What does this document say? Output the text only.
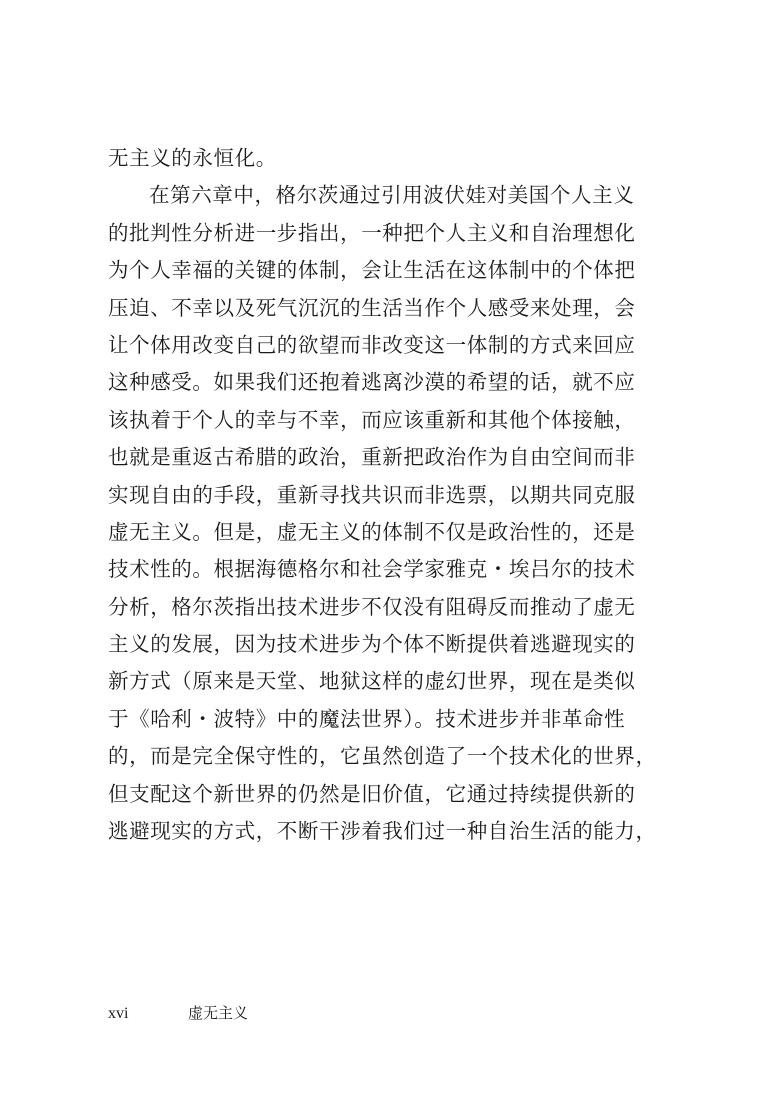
无主义的永恒化。
在第六章中，格尔茨通过引用波伏娃对美国个人主义
的批判性分析进一步指出，一种把个人主义和自治理想化
为个人幸福的关键的体制，会让生活在这体制中的个体把
压迫、不幸以及死气沉沉的生活当作个人感受来处理，会
让个体用改变自己的欲望而非改变这一体制的方式来回应
这种感受。如果我们还抱着逃离沙漠的希望的话，就不应
该执着于个人的幸与不幸，而应该重新和其他个体接触，
也就是重返古希腊的政治，重新把政治作为自由空间而非
实现自由的手段，重新寻找共识而非选票，以期共同克服
虚无主义。但是，虚无主义的体制不仅是政治性的，还是
技术性的。根据海德格尔和社会学家雅克・埃吕尔的技术
分析，格尔茨指出技术进步不仅没有阻碍反而推动了虚无
主义的发展，因为技术进步为个体不断提供着逃避现实的
新方式（原来是天堂、地狱这样的虚幻世界，现在是类似
于《哈利・波特》中的魔法世界）。技术进步并非革命性
的，而是完全保守性的，它虽然创造了一个技术化的世界，
但支配这个新世界的仍然是旧价值，它通过持续提供新的
逃避现实的方式，不断干涉着我们过一种自治生活的能力，
xvi	虚无主义
